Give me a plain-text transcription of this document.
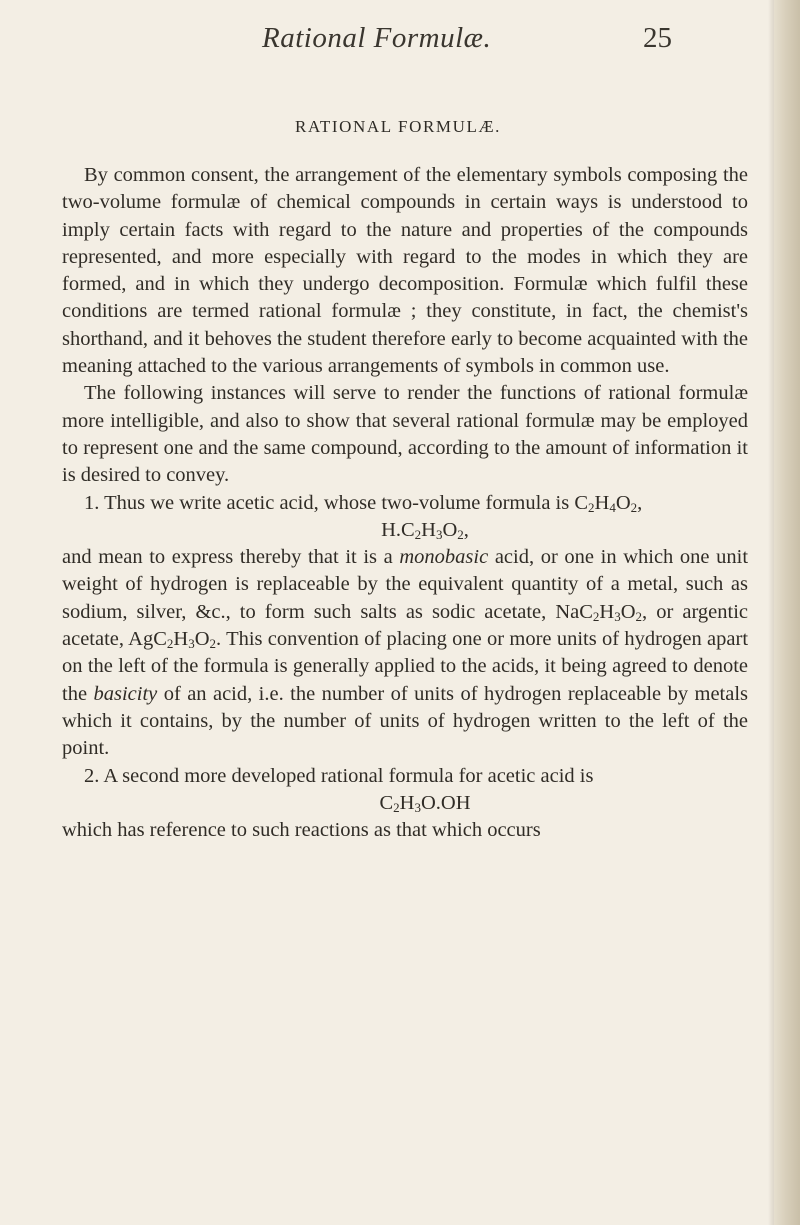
Rational Formulæ.	25
RATIONAL FORMULÆ.

By common consent, the arrangement of the elementary symbols composing the two-volume formulæ of chemical compounds in certain ways is understood to imply certain facts with regard to the nature and properties of the compounds represented, and more especially with regard to the modes in which they are formed, and in which they undergo decomposition. Formulæ which fulfil these conditions are termed rational formulæ ; they constitute, in fact, the chemist's shorthand, and it behoves the student therefore early to become acquainted with the meaning attached to the various arrangements of symbols in common use.

The following instances will serve to render the functions of rational formulæ more intelligible, and also to show that several rational formulæ may be employed to represent one and the same compound, according to the amount of information it is desired to convey.

1. Thus we write acetic acid, whose two-volume formula is $C_2H_4O_2$,

$H.C_2H_3O_2$,

and mean to express thereby that it is a monobasic acid, or one in which one unit weight of hydrogen is replaceable by the equivalent quantity of a metal, such as sodium, silver, &c., to form such salts as sodic acetate, $NaC_2H_3O_2$, or argentic acetate, $AgC_2H_3O_2$. This convention of placing one or more units of hydrogen apart on the left of the formula is generally applied to the acids, it being agreed to denote the basicity of an acid, i.e. the number of units of hydrogen replaceable by metals which it contains, by the number of units of hydrogen written to the left of the point.

2. A second more developed rational formula for acetic acid is

$C_2H_3O.OH$

which has reference to such reactions as that which occurs
